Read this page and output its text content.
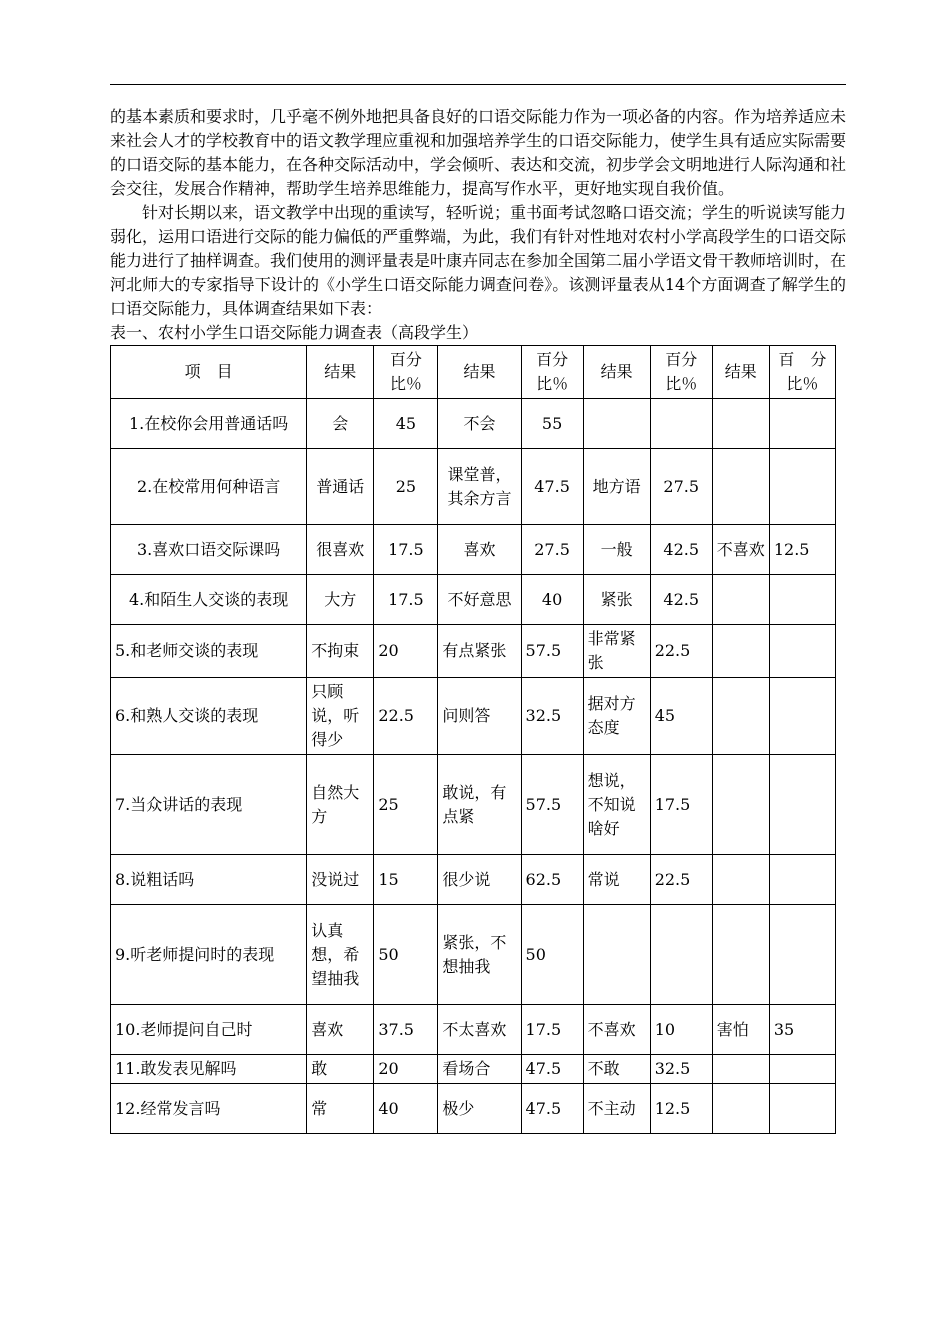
的基本素质和要求时，几乎毫不例外地把具备良好的口语交际能力作为一项必备的内容。作为培养适应未来社会人才的学校教育中的语文教学理应重视和加强培养学生的口语交际能力，使学生具有适应实际需要的口语交际的基本能力，在各种交际活动中，学会倾听、表达和交流，初步学会文明地进行人际沟通和社会交往，发展合作精神，帮助学生培养思维能力，提高写作水平，更好地实现自我价值。

针对长期以来，语文教学中出现的重读写，轻听说；重书面考试忽略口语交流；学生的听说读写能力弱化，运用口语进行交际的能力偏低的严重弊端，为此，我们有针对性地对农村小学高段学生的口语交际能力进行了抽样调查。我们使用的测评量表是叶康卉同志在参加全国第二届小学语文骨干教师培训时，在河北师大的专家指导下设计的《小学生口语交际能力调查问卷》。该测评量表从14个方面调查了解学生的口语交际能力，具体调查结果如下表：

表一、农村小学生口语交际能力调查表（高段学生）

项　目	结果	百分比％	结果	百分比％	结果	百分比％	结果	百　分比％
1.在校你会用普通话吗	会	45	不会	55				
2.在校常用何种语言	普通话	25	课堂普，其余方言	47.5	地方语	27.5		
3.喜欢口语交际课吗	很喜欢	17.5	喜欢	27.5	一般	42.5	不喜欢	12.5
4.和陌生人交谈的表现	大方	17.5	不好意思	40	紧张	42.5		
5.和老师交谈的表现	不拘束	20	有点紧张	57.5	非常紧张	22.5		
6.和熟人交谈的表现	只顾说，听得少	22.5	问则答	32.5	据对方态度	45		
7.当众讲话的表现	自然大方	25	敢说，有点紧	57.5	想说，不知说啥好	17.5		
8.说粗话吗	没说过	15	很少说	62.5	常说	22.5		
9.听老师提问时的表现	认真想，希望抽我	50	紧张，不想抽我	50				
10.老师提问自己时	喜欢	37.5	不太喜欢	17.5	不喜欢	10	害怕	35
11.敢发表见解吗	敢	20	看场合	47.5	不敢	32.5		
12.经常发言吗	常	40	极少	47.5	不主动	12.5		
